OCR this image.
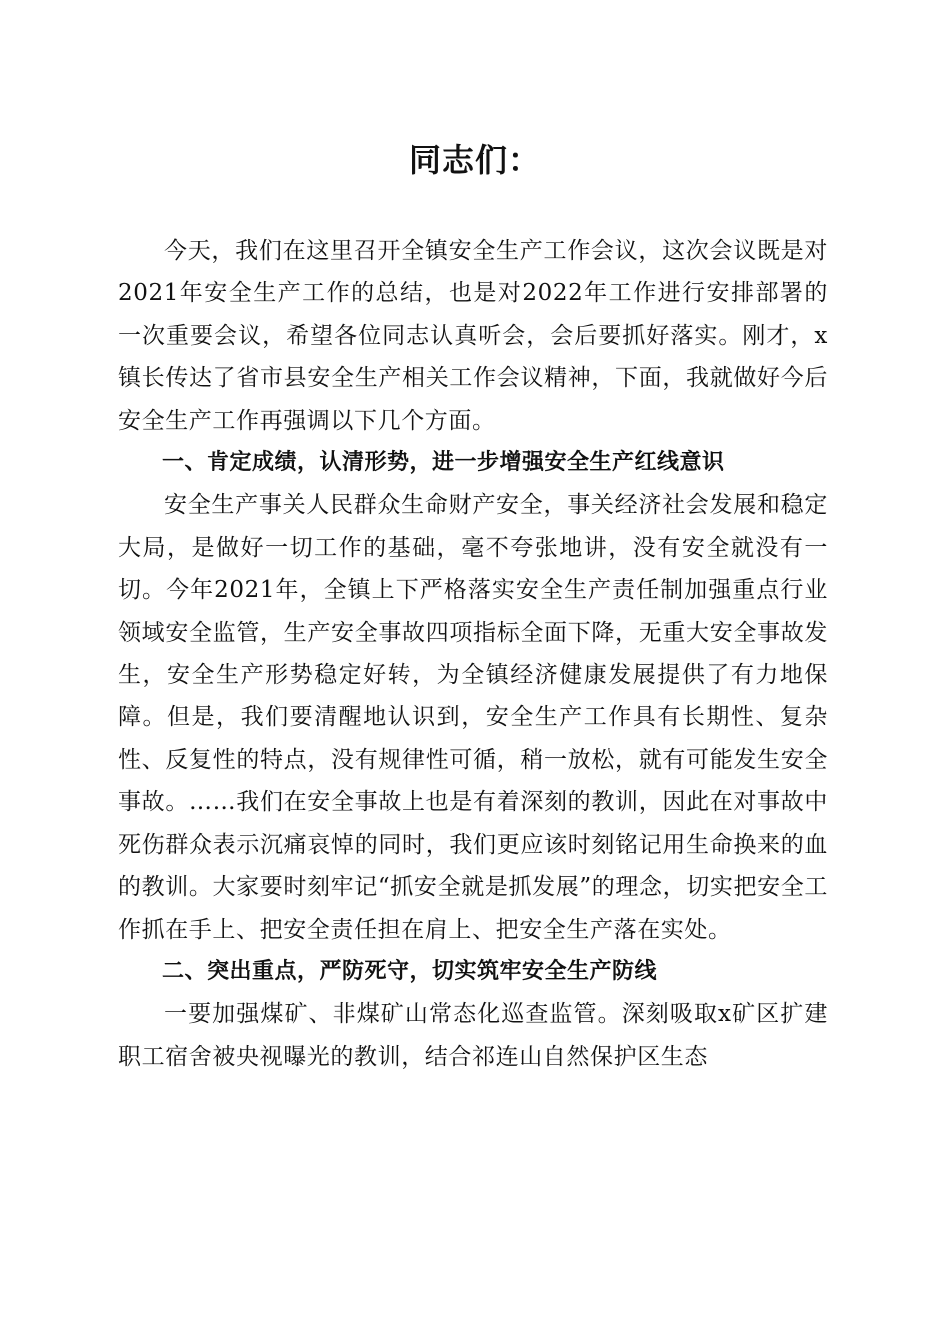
同志们：

今天，我们在这里召开全镇安全生产工作会议，这次会议既是对2021年安全生产工作的总结，也是对2022年工作进行安排部署的一次重要会议，希望各位同志认真听会，会后要抓好落实。刚才，x镇长传达了省市县安全生产相关工作会议精神，下面，我就做好今后安全生产工作再强调以下几个方面。

一、肯定成绩，认清形势，进一步增强安全生产红线意识

安全生产事关人民群众生命财产安全，事关经济社会发展和稳定大局，是做好一切工作的基础，毫不夸张地讲，没有安全就没有一切。今年2021年，全镇上下严格落实安全生产责任制加强重点行业领域安全监管，生产安全事故四项指标全面下降，无重大安全事故发生，安全生产形势稳定好转，为全镇经济健康发展提供了有力地保障。但是，我们要清醒地认识到，安全生产工作具有长期性、复杂性、反复性的特点，没有规律性可循，稍一放松，就有可能发生安全事故。……我们在安全事故上也是有着深刻的教训，因此在对事故中死伤群众表示沉痛哀悼的同时，我们更应该时刻铭记用生命换来的血的教训。大家要时刻牢记“抓安全就是抓发展”的理念，切实把安全工作抓在手上、把安全责任担在肩上、把安全生产落在实处。

二、突出重点，严防死守，切实筑牢安全生产防线

一要加强煤矿、非煤矿山常态化巡查监管。深刻吸取x矿区扩建职工宿舍被央视曝光的教训，结合祁连山自然保护区生态
